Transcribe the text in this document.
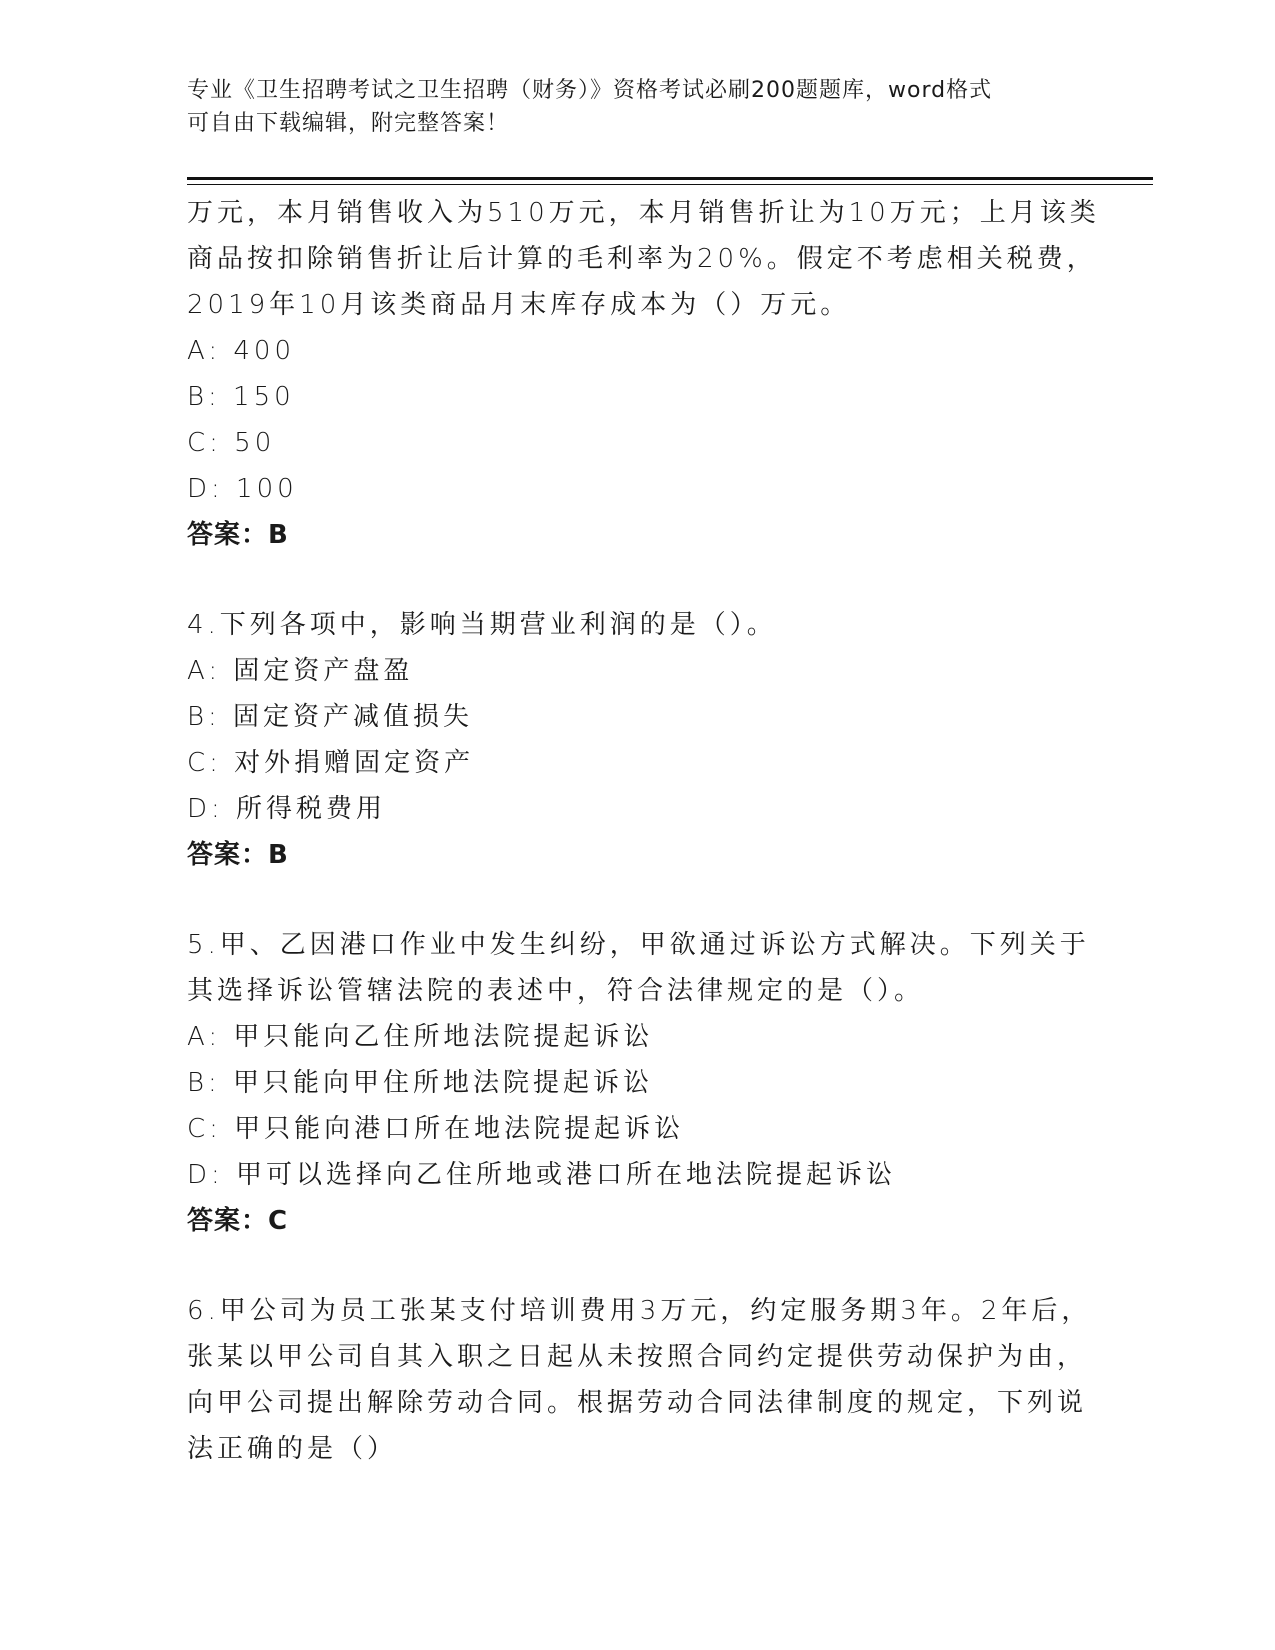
专业《卫生招聘考试之卫生招聘（财务）》资格考试必刷200题题库，word格式
可自由下载编辑，附完整答案！
万元，本月销售收入为510万元，本月销售折让为10万元；上月该类
商品按扣除销售折让后计算的毛利率为20%。假定不考虑相关税费，
2019年10月该类商品月末库存成本为（）万元。
A: 400
B: 150
C: 50
D: 100
答案：B
4.下列各项中，影响当期营业利润的是（）。
A: 固定资产盘盈
B: 固定资产减值损失
C: 对外捐赠固定资产
D: 所得税费用
答案：B
5.甲、乙因港口作业中发生纠纷，甲欲通过诉讼方式解决。下列关于
其选择诉讼管辖法院的表述中，符合法律规定的是（）。
A: 甲只能向乙住所地法院提起诉讼
B: 甲只能向甲住所地法院提起诉讼
C: 甲只能向港口所在地法院提起诉讼
D: 甲可以选择向乙住所地或港口所在地法院提起诉讼
答案：C
6.甲公司为员工张某支付培训费用3万元，约定服务期3年。2年后，
张某以甲公司自其入职之日起从未按照合同约定提供劳动保护为由，
向甲公司提出解除劳动合同。根据劳动合同法律制度的规定，下列说
法正确的是（）
